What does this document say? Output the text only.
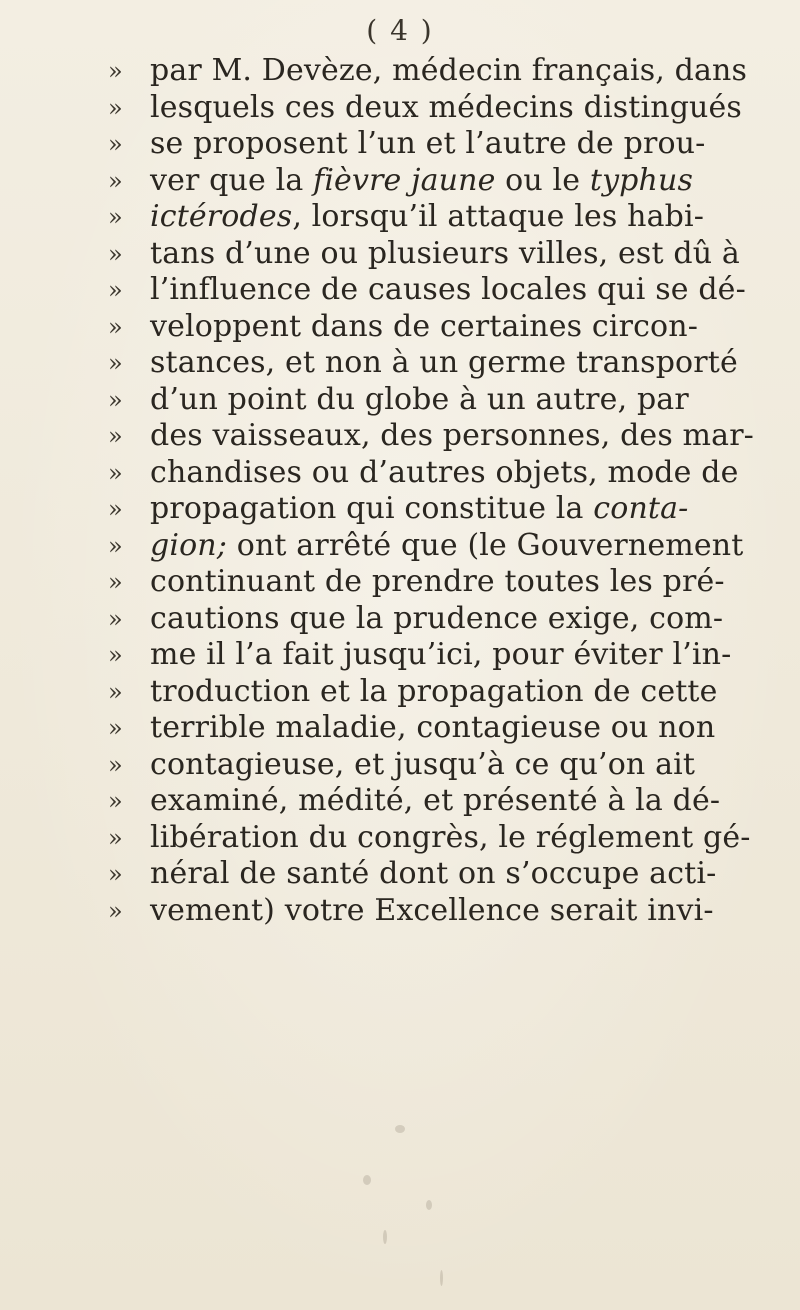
( 4 )
» par M. Devèze, médecin français, dans
» lesquels ces deux médecins distingués
» se proposent l’un et l’autre de prou-
» ver que la fièvre jaune ou le typhus
» ictérodes, lorsqu’il attaque les habi-
» tans d’une ou plusieurs villes, est dû à
» l’influence de causes locales qui se dé-
» veloppent dans de certaines circon-
» stances, et non à un germe transporté
» d’un point du globe à un autre, par
» des vaisseaux, des personnes, des mar-
» chandises ou d’autres objets, mode de
» propagation qui constitue la conta-
» gion; ont arrêté que (le Gouvernement
» continuant de prendre toutes les pré-
» cautions que la prudence exige, com-
» me il l’a fait jusqu’ici, pour éviter l’in-
» troduction et la propagation de cette
» terrible maladie, contagieuse ou non
» contagieuse, et jusqu’à ce qu’on ait
» examiné, médité, et présenté à la dé-
» libération du congrès, le réglement gé-
» néral de santé dont on s’occupe acti-
» vement) votre Excellence serait invi-
